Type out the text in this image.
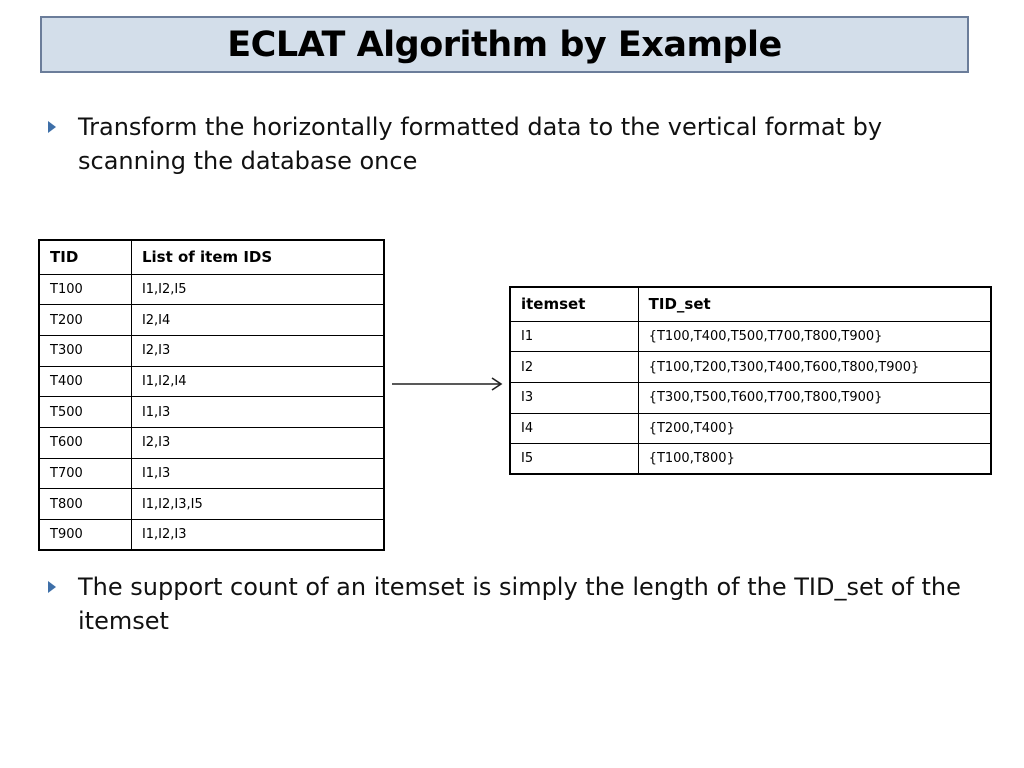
ECLAT Algorithm by Example
Transform the horizontally formatted data to the vertical format by scanning the database once
TID	List of item IDS
T100	I1,I2,I5
T200	I2,I4
T300	I2,I3
T400	I1,I2,I4
T500	I1,I3
T600	I2,I3
T700	I1,I3
T800	I1,I2,I3,I5
T900	I1,I2,I3
itemset	TID_set
I1	{T100,T400,T500,T700,T800,T900}
I2	{T100,T200,T300,T400,T600,T800,T900}
I3	{T300,T500,T600,T700,T800,T900}
I4	{T200,T400}
I5	{T100,T800}
The support count of an itemset is simply the length of the TID_set of the itemset
